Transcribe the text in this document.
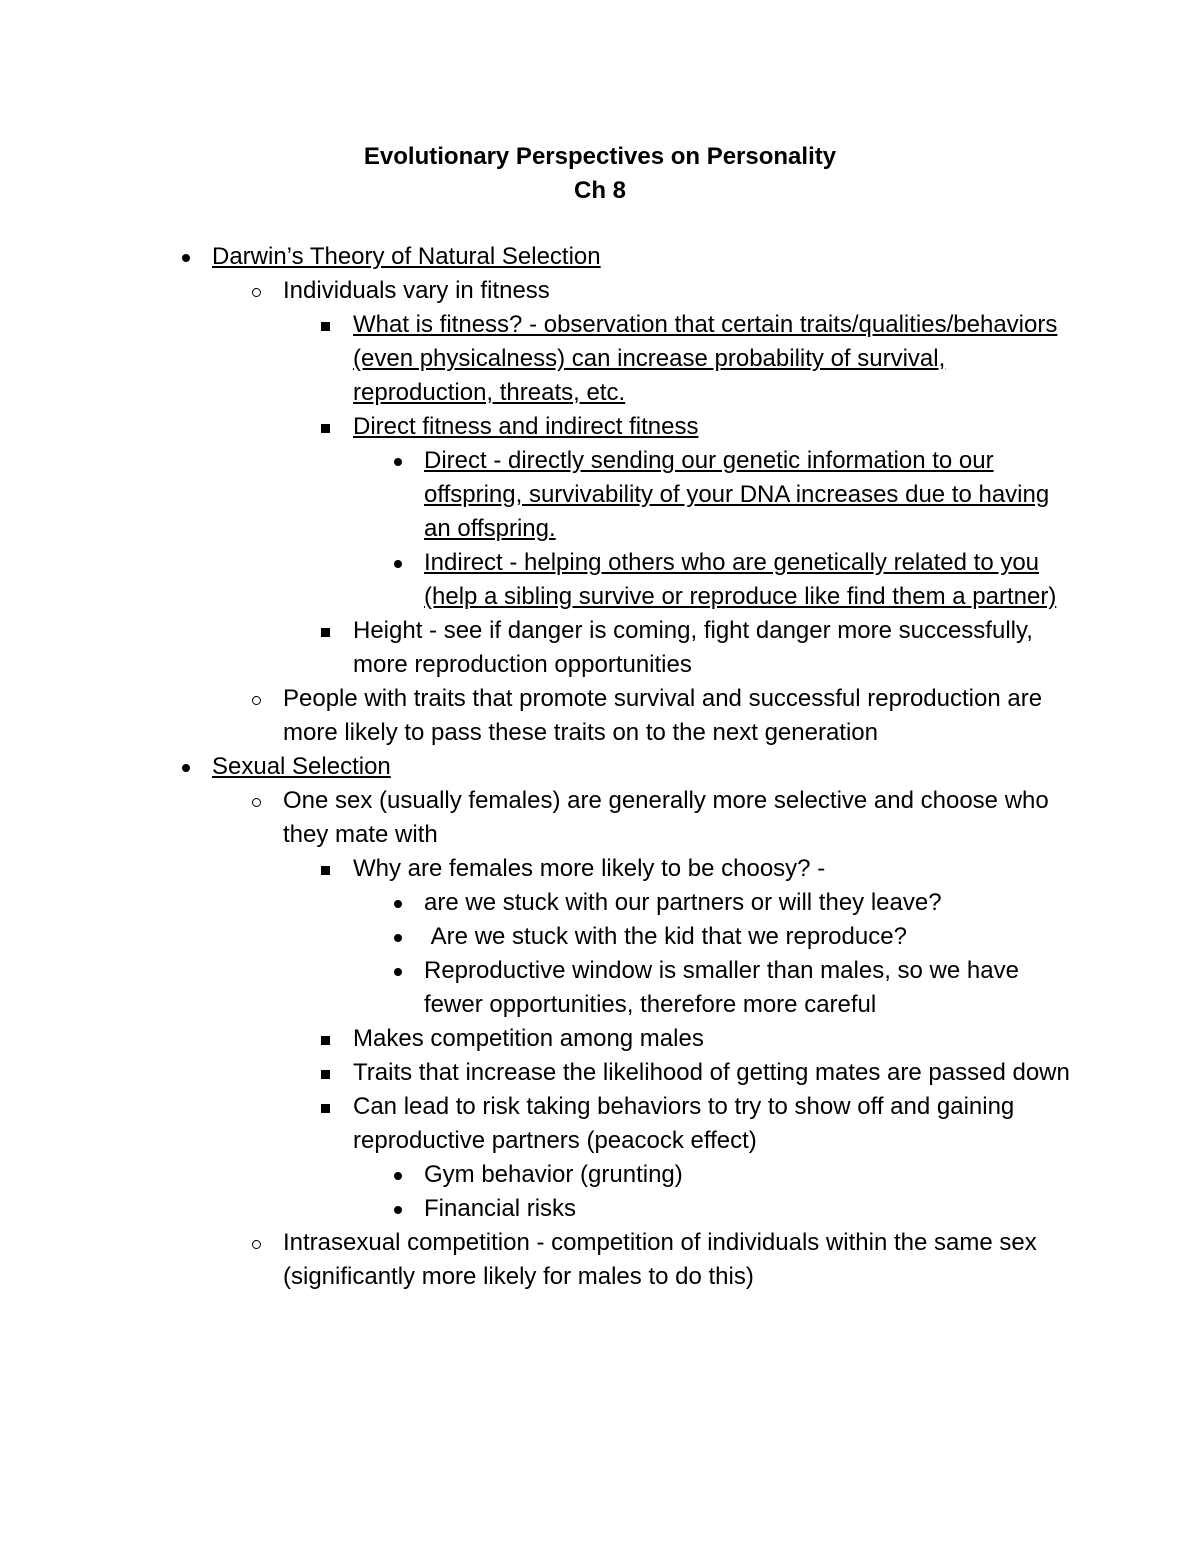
Evolutionary Perspectives on Personality
Ch 8
Darwin’s Theory of Natural Selection
Individuals vary in fitness
What is fitness? - observation that certain traits/qualities/behaviors (even physicalness) can increase probability of survival, reproduction, threats, etc.
Direct fitness and indirect fitness
Direct - directly sending our genetic information to our offspring, survivability of your DNA increases due to having an offspring.
Indirect - helping others who are genetically related to you (help a sibling survive or reproduce like find them a partner)
Height - see if danger is coming, fight danger more successfully, more reproduction opportunities
People with traits that promote survival and successful reproduction are more likely to pass these traits on to the next generation
Sexual Selection
One sex (usually females) are generally more selective and choose who they mate with
Why are females more likely to be choosy? -
are we stuck with our partners or will they leave?
Are we stuck with the kid that we reproduce?
Reproductive window is smaller than males, so we have fewer opportunities, therefore more careful
Makes competition among males
Traits that increase the likelihood of getting mates are passed down
Can lead to risk taking behaviors to try to show off and gaining reproductive partners (peacock effect)
Gym behavior (grunting)
Financial risks
Intrasexual competition - competition of individuals within the same sex (significantly more likely for males to do this)
